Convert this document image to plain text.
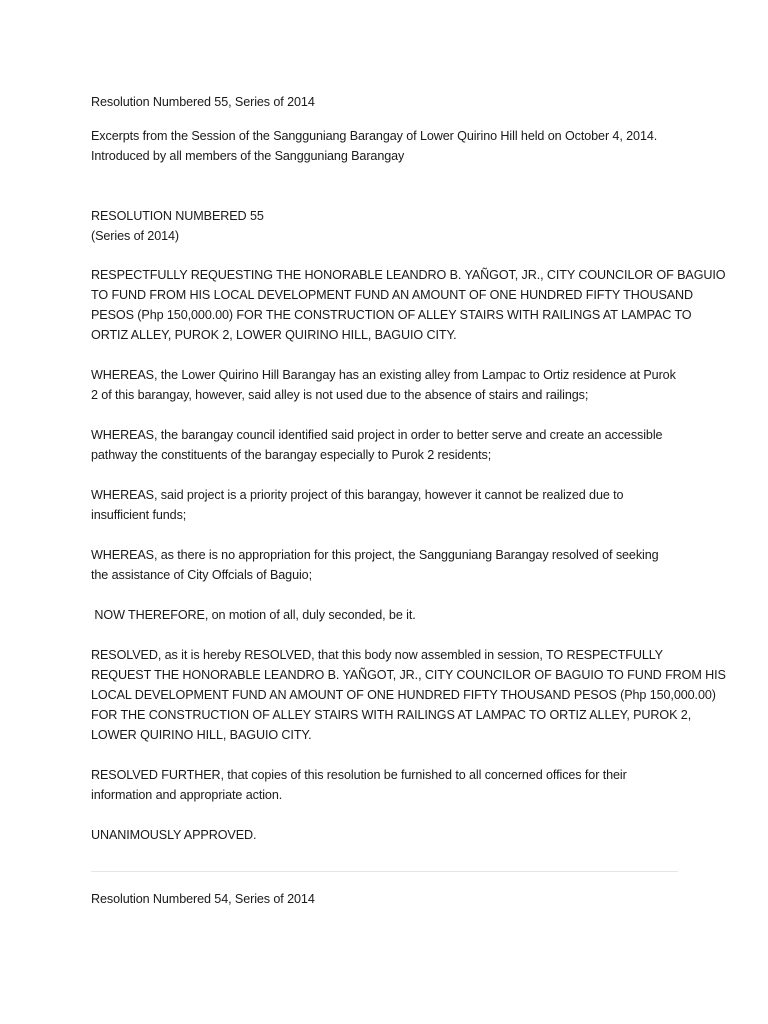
Resolution Numbered 55, Series of 2014
Excerpts from the Session of the Sangguniang Barangay of Lower Quirino Hill held on October 4, 2014.
Introduced by all members of the Sangguniang Barangay
RESOLUTION NUMBERED 55
(Series of 2014)
RESPECTFULLY REQUESTING THE HONORABLE LEANDRO B. YAÑGOT, JR., CITY COUNCILOR OF BAGUIO
TO FUND FROM HIS LOCAL DEVELOPMENT FUND AN AMOUNT OF ONE HUNDRED FIFTY THOUSAND
PESOS (Php 150,000.00) FOR THE CONSTRUCTION OF ALLEY STAIRS WITH RAILINGS AT LAMPAC TO
ORTIZ ALLEY, PUROK 2, LOWER QUIRINO HILL, BAGUIO CITY.
WHEREAS, the Lower Quirino Hill Barangay has an existing alley from Lampac to Ortiz residence at Purok
2 of this barangay, however, said alley is not used due to the absence of stairs and railings;
WHEREAS, the barangay council identified said project in order to better serve and create an accessible
pathway the constituents of the barangay especially to Purok 2 residents;
WHEREAS, said project is a priority project of this barangay, however it cannot be realized due to
insufficient funds;
WHEREAS, as there is no appropriation for this project, the Sangguniang Barangay resolved of seeking
the assistance of City Offcials of Baguio;
NOW THEREFORE, on motion of all, duly seconded, be it.
RESOLVED, as it is hereby RESOLVED, that this body now assembled in session, TO RESPECTFULLY
REQUEST THE HONORABLE LEANDRO B. YAÑGOT, JR., CITY COUNCILOR OF BAGUIO TO FUND FROM HIS
LOCAL DEVELOPMENT FUND AN AMOUNT OF ONE HUNDRED FIFTY THOUSAND PESOS (Php 150,000.00)
FOR THE CONSTRUCTION OF ALLEY STAIRS WITH RAILINGS AT LAMPAC TO ORTIZ ALLEY, PUROK 2,
LOWER QUIRINO HILL, BAGUIO CITY.
RESOLVED FURTHER, that copies of this resolution be furnished to all concerned offices for their
information and appropriate action.
UNANIMOUSLY APPROVED.
Resolution Numbered 54, Series of 2014
